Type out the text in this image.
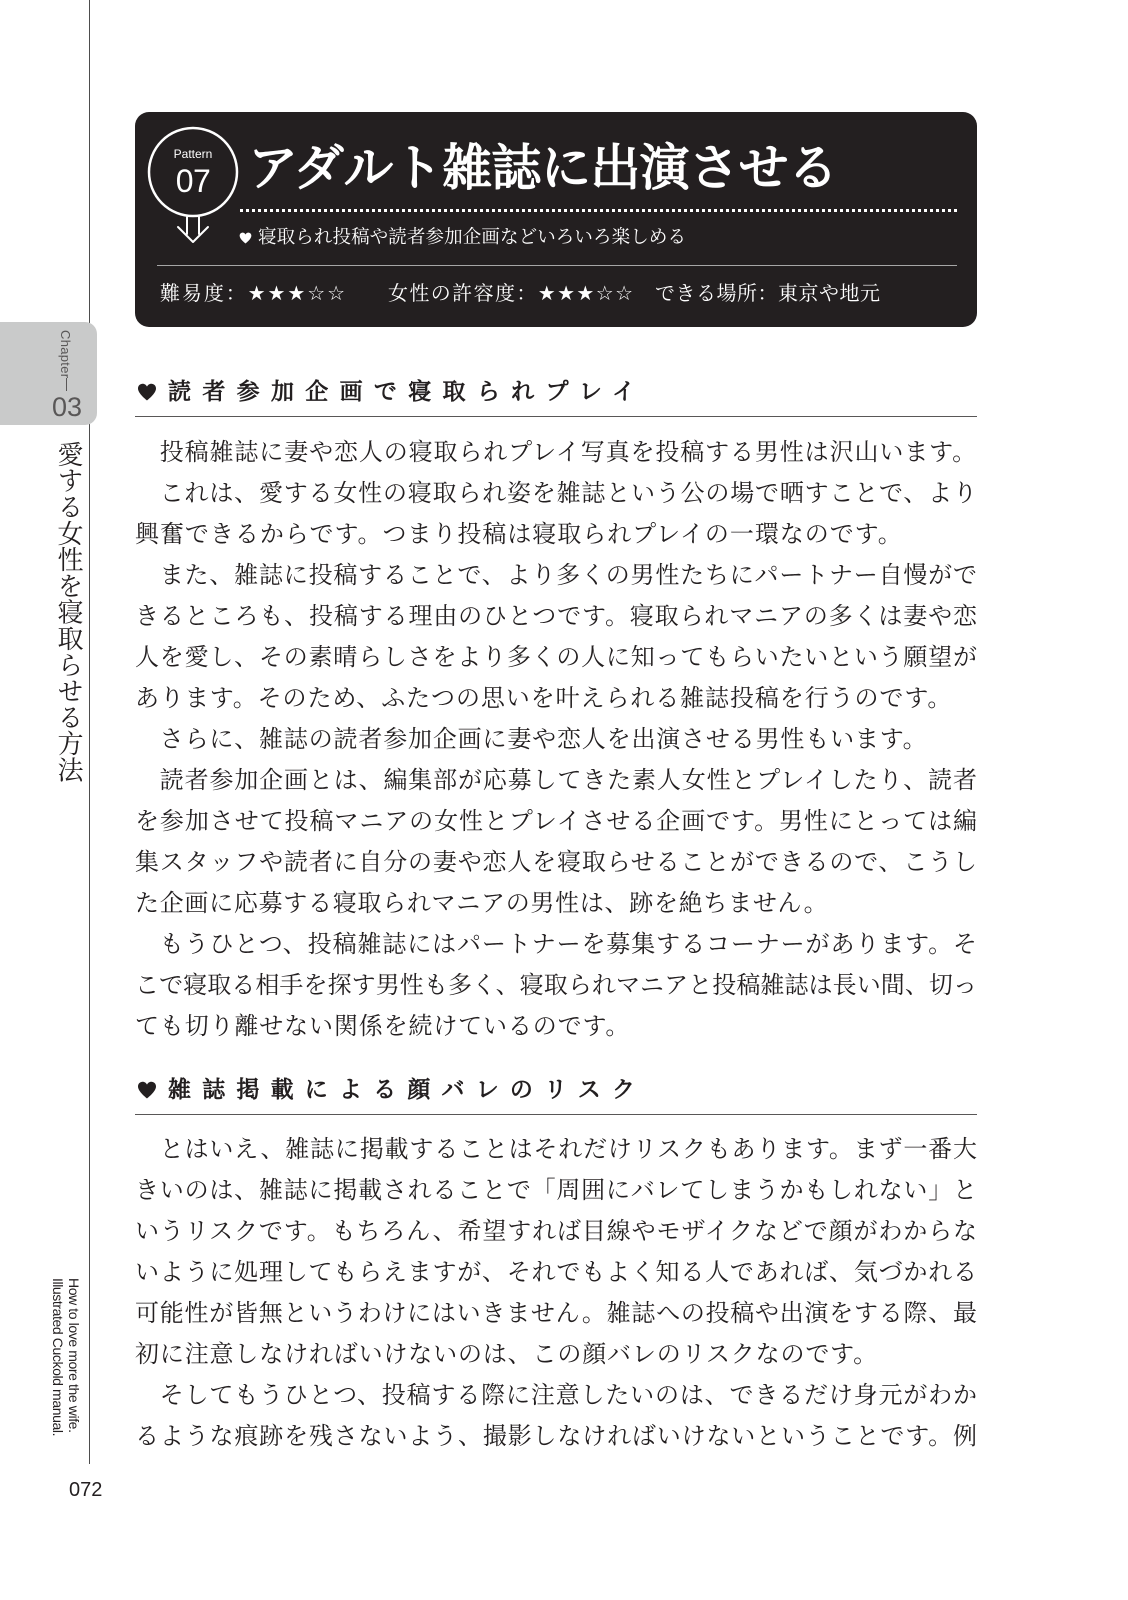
Chapter
03
愛する女性を寝取らせる方法
How to love more the wife.
Illustrated Cuckold manual.
072
Pattern
07 アダルト雑誌に出演させる
寝取られ投稿や読者参加企画などいろいろ楽しめる
難易度：★★★☆☆ 女性の許容度：★★★☆☆ できる場所：東京や地元
読者参加企画で寝取られプレイ
投稿雑誌に妻や恋人の寝取られプレイ写真を投稿する男性は沢山います。
これは、愛する女性の寝取られ姿を雑誌という公の場で晒すことで、より
興奮できるからです。つまり投稿は寝取られプレイの一環なのです。
また、雑誌に投稿することで、より多くの男性たちにパートナー自慢がで
きるところも、投稿する理由のひとつです。寝取られマニアの多くは妻や恋
人を愛し、その素晴らしさをより多くの人に知ってもらいたいという願望が
あります。そのため、ふたつの思いを叶えられる雑誌投稿を行うのです。
さらに、雑誌の読者参加企画に妻や恋人を出演させる男性もいます。
読者参加企画とは、編集部が応募してきた素人女性とプレイしたり、読者
を参加させて投稿マニアの女性とプレイさせる企画です。男性にとっては編
集スタッフや読者に自分の妻や恋人を寝取らせることができるので、こうし
た企画に応募する寝取られマニアの男性は、跡を絶ちません。
もうひとつ、投稿雑誌にはパートナーを募集するコーナーがあります。そ
こで寝取る相手を探す男性も多く、寝取られマニアと投稿雑誌は長い間、切っ
ても切り離せない関係を続けているのです。
雑誌掲載による顔バレのリスク
とはいえ、雑誌に掲載することはそれだけリスクもあります。まず一番大
きいのは、雑誌に掲載されることで「周囲にバレてしまうかもしれない」と
いうリスクです。もちろん、希望すれば目線やモザイクなどで顔がわからな
いように処理してもらえますが、それでもよく知る人であれば、気づかれる
可能性が皆無というわけにはいきません。雑誌への投稿や出演をする際、最
初に注意しなければいけないのは、この顔バレのリスクなのです。
そしてもうひとつ、投稿する際に注意したいのは、できるだけ身元がわか
るような痕跡を残さないよう、撮影しなければいけないということです。例
